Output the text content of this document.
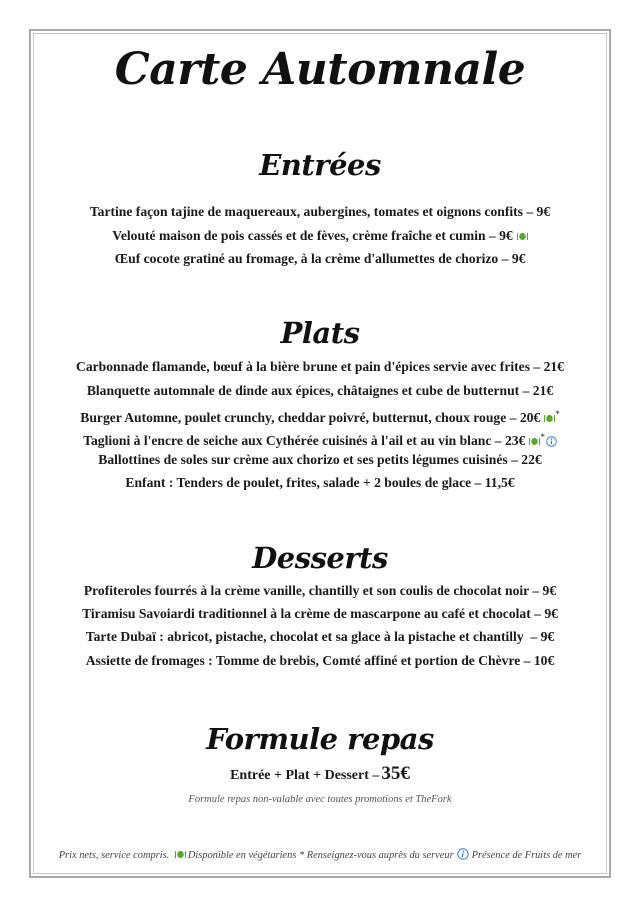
Carte Automnale
Entrées
Tartine façon tajine de maquereaux, aubergines, tomates et oignons confits – 9€
Velouté maison de pois cassés et de fèves, crème fraîche et cumin – 9€
Œuf cocote gratiné au fromage, à la crème d'allumettes de chorizo – 9€
Plats
Carbonnade flamande, bœuf à la bière brune et pain d'épices servie avec frites – 21€
Blanquette automnale de dinde aux épices, châtaignes et cube de butternut – 21€
Burger Automne, poulet crunchy, cheddar poivré, butternut, choux rouge – 20€ *
Taglioni à l'encre de seiche aux Cythérée cuisinés à l'ail et au vin blanc – 23€ *
Ballottines de soles sur crème aux chorizo et ses petits légumes cuisinés – 22€
Enfant : Tenders de poulet, frites, salade + 2 boules de glace – 11,5€
Desserts
Profiteroles fourrés à la crème vanille, chantilly et son coulis de chocolat noir – 9€
Tiramisu Savoiardi traditionnel à la crème de mascarpone au café et chocolat – 9€
Tarte Dubaï : abricot, pistache, chocolat et sa glace à la pistache et chantilly  – 9€
Assiette de fromages : Tomme de brebis, Comté affiné et portion de Chèvre – 10€
Formule repas
Entrée + Plat + Dessert – 35€
Formule repas non-valable avec toutes promotions et TheFork
Prix nets, service compris. Disponible en végétariens * Renseignez-vous auprès du serveur Présence de Fruits de mer
